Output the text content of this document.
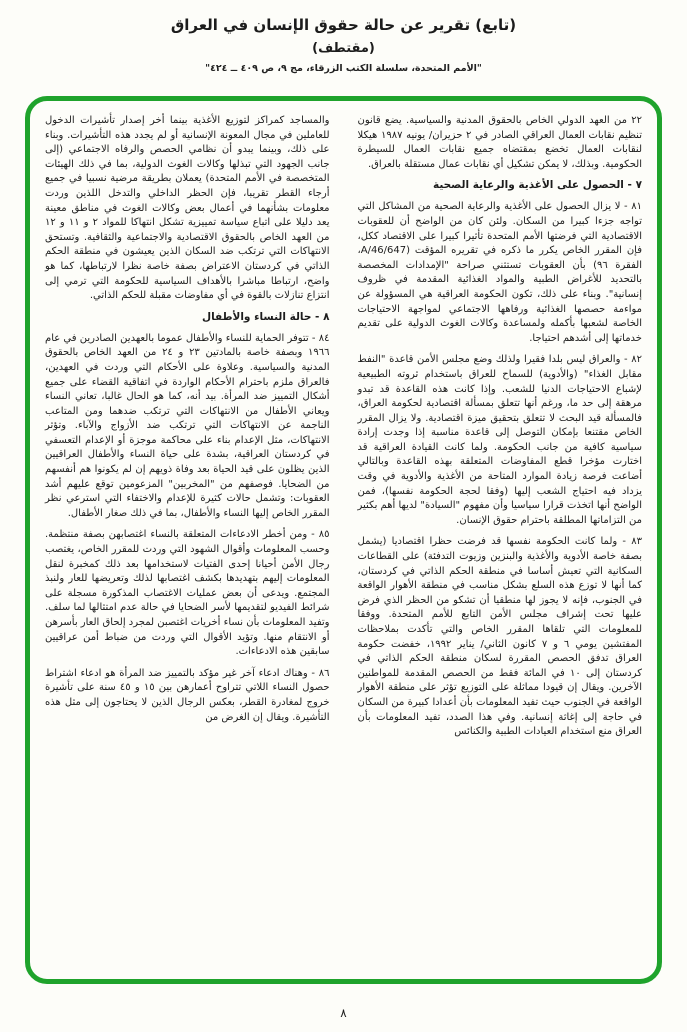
(تابع) تقرير عن حالة حقوق الإنسان في العراق
(مقتطف)
"الأمم المتحدة، سلسلة الكتب الزرقاء، مج ٩، ص ٤٠٩ ــ ٤٢٤"

٢٢ من العهد الدولي الخاص بالحقوق المدنية والسياسية. يضع قانون تنظيم نقابات العمال العراقي الصادر في ٢ حزيران/ يونيه ١٩٨٧ هيكلا لنقابات العمال تخضع بمقتضاه جميع نقابات العمال للسيطرة الحكومية. وبذلك، لا يمكن تشكيل أي نقابات عمال مستقلة بالعراق.

٧ - الحصول على الأغذية والرعاية الصحية

٨١ - لا يزال الحصول على الأغذية والرعاية الصحية من المشاكل التي تواجه جزءا كبيرا من السكان. ولئن كان من الواضح أن للعقوبات الاقتصادية التي فرضتها الأمم المتحدة تأثيرا كبيرا على الاقتصاد ككل، فإن المقرر الخاص يكرر ما ذكره في تقريره المؤقت (A/46/647، الفقرة ٩٦) بأن العقوبات تستثني صراحة "الإمدادات المخصصة بالتحديد للأغراض الطبية والمواد الغذائية المقدمة في ظروف إنسانية". وبناء على ذلك، تكون الحكومة العراقية هي المسؤولة عن مواءمة حصصها الغذائية ورفاهها الاجتماعي لمواجهة الاحتياجات الخاصة لشعبها بأكمله ولمساعدة وكالات الغوث الدولية على تقديم خدماتها إلى أشدهم احتياجا.

٨٢ - والعراق ليس بلدا فقيرا ولذلك وضع مجلس الأمن قاعدة "النفط مقابل الغذاء" (والأدوية) للسماح للعراق باستخدام ثروته الطبيعية لإشباع الاحتياجات الدنيا للشعب. وإذا كانت هذه القاعدة قد تبدو مرهقة إلى حد ما، ورغم أنها تتعلق بمسألة اقتصادية لحكومة العراق، فالمسألة قيد البحث لا تتعلق بتحقيق ميزة اقتصادية. ولا يزال المقرر الخاص مقتنعا بإمكان التوصل إلى قاعدة مناسبة إذا وجدت إرادة سياسية كافية من جانب الحكومة. ولما كانت القيادة العراقية قد اختارت مؤخرا قطع المفاوضات المتعلقة بهذه القاعدة وبالتالي أضاعت فرصة زيادة الموارد المتاحة من الأغذية والأدوية في وقت يزداد فيه احتياج الشعب إليها (وفقا لحجة الحكومة نفسها)، فمن الواضح أنها اتخذت قرارا سياسيا وأن مفهوم "السيادة" لديها أهم بكثير من التزاماتها المطلقة باحترام حقوق الإنسان.

٨٣ - ولما كانت الحكومة نفسها قد فرضت حظرا اقتصاديا (يشمل بصفة خاصة الأدوية والأغذية والبنزين وزيوت التدفئة) على القطاعات السكانية التي تعيش أساسا في منطقة الحكم الذاتي في كردستان، كما أنها لا توزع هذه السلع بشكل مناسب في منطقة الأهوار الواقعة في الجنوب، فإنه لا يجوز لها منطقيا أن تشكو من الحظر الذي فرض عليها تحت إشراف مجلس الأمن التابع للأمم المتحدة. ووفقا للمعلومات التي تلقاها المقرر الخاص والتي تأكدت بملاحظات المفتشين يومي ٦ و ٧ كانون الثاني/ يناير ١٩٩٢، خفضت حكومة العراق تدفق الحصص المقررة لسكان منطقة الحكم الذاتي في كردستان إلى ١٠ في المائة فقط من الحصص المقدمة للمواطنين الآخرين. ويقال إن قيودا مماثلة على التوزيع تؤثر على منطقة الأهوار الواقعة في الجنوب حيث تفيد المعلومات بأن أعدادا كبيرة من السكان في حاجة إلى إغاثة إنسانية. وفي هذا الصدد، تفيد المعلومات بأن العراق منع استخدام العيادات الطبية والكنائس

والمساجد كمراكز لتوزيع الأغذية بينما أخر إصدار تأشيرات الدخول للعاملين في مجال المعونة الإنسانية أو لم يجدد هذه التأشيرات. وبناء على ذلك، وبينما يبدو أن نظامي الحصص والرفاه الاجتماعي (إلى جانب الجهود التي تبذلها وكالات الغوث الدولية، بما في ذلك الهيئات المتخصصة في الأمم المتحدة) يعملان بطريقة مرضية نسبيا في جميع أرجاء القطر تقريبا، فإن الحظر الداخلي والتدخل اللذين وردت معلومات بشأنهما في أعمال بعض وكالات الغوث في مناطق معينة يعد دليلا على اتباع سياسة تمييزية تشكل انتهاكا للمواد ٢ و ١١ و ١٢ من العهد الخاص بالحقوق الاقتصادية والاجتماعية والثقافية. وتستحق الانتهاكات التي ترتكب ضد السكان الذين يعيشون في منطقة الحكم الذاتي في كردستان الاعتراض بصفة خاصة نظرا لارتباطها، كما هو واضح، ارتباطا مباشرا بالأهداف السياسية للحكومة التي ترمي إلى انتزاع تنازلات بالقوة في أي مفاوضات مقبلة للحكم الذاتي.

٨ - حالة النساء والأطفال

٨٤ - تتوفر الحماية للنساء والأطفال عموما بالعهدين الصادرين في عام ١٩٦٦ وبصفة خاصة بالمادتين ٢٣ و ٢٤ من العهد الخاص بالحقوق المدنية والسياسية. وعلاوة على الأحكام التي وردت في العهدين، فالعراق ملزم باحترام الأحكام الواردة في اتفاقية القضاء على جميع أشكال التمييز ضد المرأة. بيد أنه، كما هو الحال غالبا، تعاني النساء ويعاني الأطفال من الانتهاكات التي ترتكب ضدهما ومن المتاعب الناجمة عن الانتهاكات التي ترتكب ضد الأزواج والآباء. وتؤثر الانتهاكات، مثل الإعدام بناء على محاكمة موجزة أو الإعدام التعسفي في كردستان العراقية، بشدة على حياة النساء والأطفال العراقيين الذين يظلون على قيد الحياة بعد وفاة ذويهم إن لم يكونوا هم أنفسهم من الضحايا. فوصفهم من "المخربين" المزعومين توقع عليهم أشد العقوبات: وتشمل حالات كثيرة للإعدام والاختفاء التي استرعي نظر المقرر الخاص إليها النساء والأطفال، بما في ذلك صغار الأطفال.

٨٥ - ومن أخطر الادعاءات المتعلقة بالنساء اغتصابهن بصفة منتظمة. وحسب المعلومات وأقوال الشهود التي وردت للمقرر الخاص، يغتصب رجال الأمن أحيانا إحدى الفتيات لاستخدامها بعد ذلك كمخبرة لنقل المعلومات إليهم بتهديدها بكشف اغتصابها لذلك وتعريضها للعار ولنبذ المجتمع. ويدعى أن بعض عمليات الاغتصاب المذكورة مسجلة على شرائط الفيديو لتقديمها لأسر الضحايا في حالة عدم امتثالها لما سلف. وتفيد المعلومات بأن نساء أخريات اغتصبن لمجرد إلحاق العار بأسرهن أو الانتقام منها. وتؤيد الأقوال التي وردت من ضباط أمن عراقيين سابقين هذه الادعاءات.

٨٦ - وهناك ادعاء آخر غير مؤكد بالتمييز ضد المرأة هو ادعاء اشتراط حصول النساء اللاتي تتراوح أعمارهن بين ١٥ و ٤٥ سنة على تأشيرة خروج لمغادرة القطر، بعكس الرجال الذين لا يحتاجون إلى مثل هذه التأشيرة. ويقال إن الغرض من

٨
